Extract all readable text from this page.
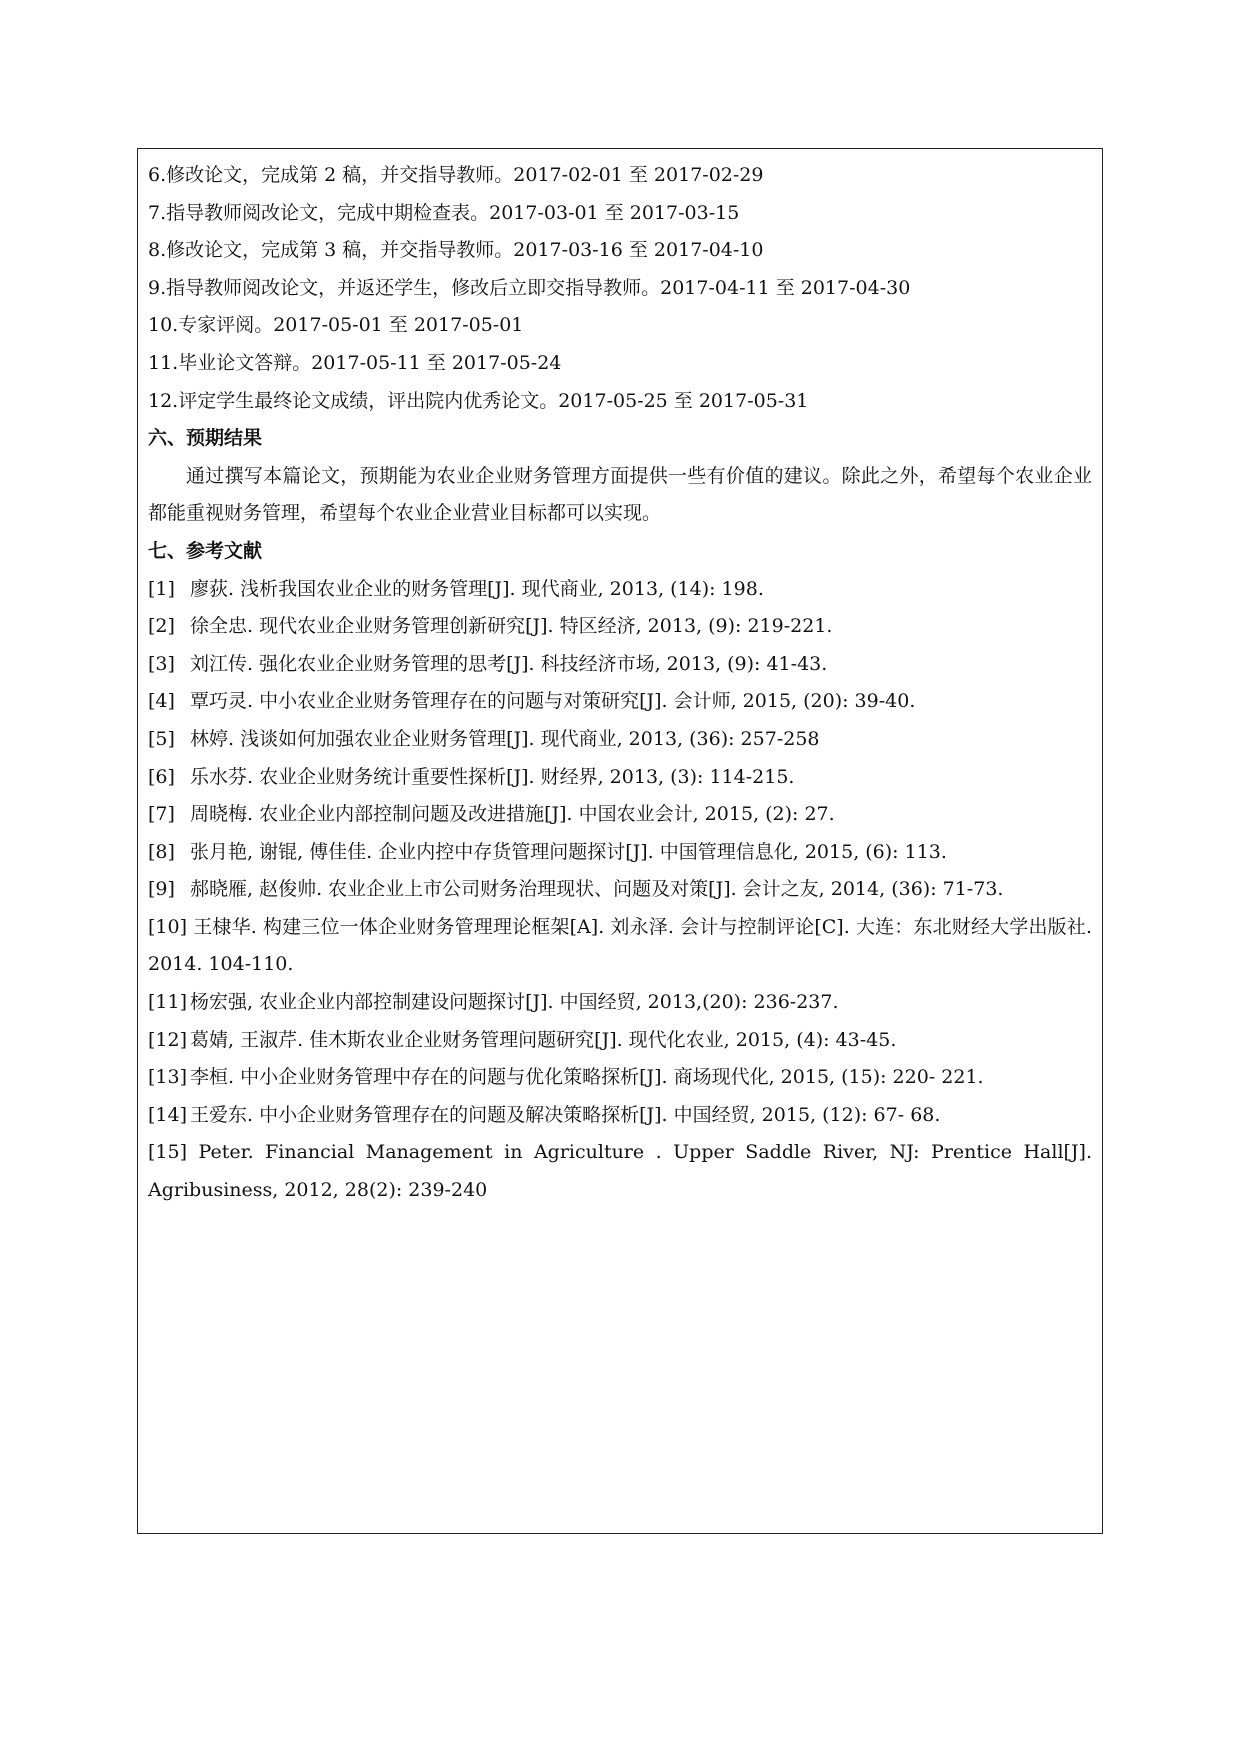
6.修改论文，完成第 2 稿，并交指导教师。2017-02-01 至 2017-02-29
7.指导教师阅改论文，完成中期检查表。2017-03-01 至 2017-03-15
8.修改论文，完成第 3 稿，并交指导教师。2017-03-16 至 2017-04-10
9.指导教师阅改论文，并返还学生，修改后立即交指导教师。2017-04-11 至 2017-04-30
10.专家评阅。2017-05-01 至 2017-05-01
11.毕业论文答辩。2017-05-11 至 2017-05-24
12.评定学生最终论文成绩，评出院内优秀论文。2017-05-25 至 2017-05-31
六、预期结果

通过撰写本篇论文，预期能为农业企业财务管理方面提供一些有价值的建议。除此之外，希望每个农业企业都能重视财务管理，希望每个农业企业营业目标都可以实现。

七、参考文献
[1] 廖荻. 浅析我国农业企业的财务管理[J]. 现代商业, 2013, (14): 198.
[2] 徐全忠. 现代农业企业财务管理创新研究[J]. 特区经济, 2013, (9): 219-221.
[3] 刘江传. 强化农业企业财务管理的思考[J]. 科技经济市场, 2013, (9): 41-43.
[4] 覃巧灵. 中小农业企业财务管理存在的问题与对策研究[J]. 会计师, 2015, (20): 39-40.
[5] 林婷. 浅谈如何加强农业企业财务管理[J]. 现代商业, 2013, (36): 257-258
[6] 乐水芬. 农业企业财务统计重要性探析[J]. 财经界, 2013, (3): 114-215.
[7] 周晓梅. 农业企业内部控制问题及改进措施[J]. 中国农业会计, 2015, (2): 27.
[8] 张月艳, 谢锟, 傅佳佳. 企业内控中存货管理问题探讨[J]. 中国管理信息化, 2015, (6): 113.
[9] 郝晓雁, 赵俊帅. 农业企业上市公司财务治理现状、问题及对策[J]. 会计之友, 2014, (36): 71-73.
[10] 王棣华. 构建三位一体企业财务管理理论框架[A]. 刘永泽. 会计与控制评论[C]. 大连：东北财经大学出版社. 2014. 104-110.
[11] 杨宏强, 农业企业内部控制建设问题探讨[J]. 中国经贸, 2013,(20): 236-237.
[12] 葛婧, 王淑芹. 佳木斯农业企业财务管理问题研究[J]. 现代化农业, 2015, (4): 43-45.
[13] 李桓. 中小企业财务管理中存在的问题与优化策略探析[J]. 商场现代化, 2015, (15): 220- 221.
[14] 王爱东. 中小企业财务管理存在的问题及解决策略探析[J]. 中国经贸, 2015, (12): 67- 68.
[15] Peter. Financial Management in Agriculture . Upper Saddle River, NJ: Prentice Hall[J]. Agribusiness, 2012, 28(2): 239-240
